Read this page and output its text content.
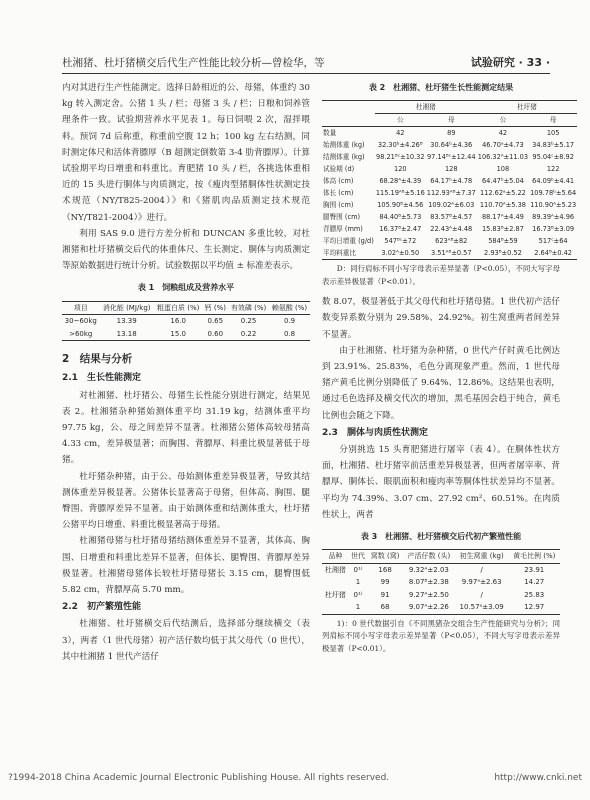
杜湘猪、杜圩猪横交后代生产性能比较分析—曾检华，等	试验研究 · 33 ·

内对其进行生产性能测定。选择日龄相近的公、母猪，体重约 30 kg 转入测定舍。公猪 1 头 / 栏；母猪 3 头 / 栏；日粮和饲养管理条件一致。试验期营养水平见表 1。每日饲喂 2 次，湿拌喂料。预饲 7d 后称重，称重前空腹 12 h；100 kg 左右结测，同时测定体尺和活体背膘厚（B 超测定倒数第 3-4 肋背膘厚）。计算试验期平均日增重和料重比。育肥猪 10 头 / 栏，各挑选体重相近的 15 头进行胴体与肉质测定，按《瘦肉型猪胴体性状测定技术规范（NY/T825-2004）》和《猪肌肉品质测定技术规范（NY/T821-2004）》进行。

利用 SAS 9.0 进行方差分析和 DUNCAN 多重比较，对杜湘猪和杜圩猪横交后代的体重体尺、生长测定、胴体与肉质测定等原始数据进行统计分析。试验数据以平均值 ± 标准差表示。

表 1　饲粮组成及营养水平
项目	消化能 (MJ/kg)	粗蛋白质 (%)	钙 (%)	有效磷 (%)	赖氨酸 (%)
30~60kg	13.39	16.0	0.65	0.25	0.9
>60kg	13.18	15.0	0.60	0.22	0.8
2　结果与分析
2.1　生长性能测定

对杜湘猪、杜圩猪公、母猪生长性能分别进行测定，结果见表 2。杜湘猪杂种猪始测体重平均 31.19 kg，结测体重平均 97.75 kg，公、母之间差异不显著。杜湘猪公猪体高较母猪高 4.33 cm，差异极显著；而胸围、背膘厚、料重比极显著低于母猪。

杜圩猪杂种猪，由于公、母始测体重差异极显著，导致其结测体重差异极显著。公猪体长显著高于母猪，但体高、胸围、腿臀围、背膘厚差异不显著。由于始测体重和结测体重大，杜圩猪公猪平均日增重、料重比极显著高于母猪。

杜湘猪母猪与杜圩猪母猪结测体重差异不显著，其体高、胸围、日增重和料重比差异不显著，但体长、腿臀围、背膘厚差异极显著。杜湘猪母猪体长较杜圩猪母猪长 3.15 cm，腿臀围低 5.82 cm，背膘厚高 5.70 mm。

2.2　初产繁殖性能

杜湘猪、杜圩猪横交后代结测后，选择部分继续横交（表 3），两者（1 世代母猪）初产活仔数均低于其父母代（0 世代），其中杜湘猪 1 世代产活仔

表 2　杜湘猪、杜圩猪生长性能测定结果
	杜湘猪		杜圩猪	
	公	母	公	母
数量	42	89	42	105
始测体重 (kg)	32.30ᵇ±4.26ᴮ	30.64ᵇ±4.36	46.70ᵃ±4.73	34.83ᵇ±5.17
结测体重 (kg)	98.21ᴮᶜ±10.32	97.14ᴮᶜ±12.44	106.32ᴬ±11.03	95.04ᶜ±8.92
试验期 (d)	120	128	108	122
体高 (cm)	68.28ᴬ±4.39	64.17ᵇ±4.78	64.47ᵇ±5.04	64.09ᵇ±4.41
体长 (cm)	115.19ᴬᴮ±5.16	112.93ᴬᴮ±7.37	112.62ᵃ±5.22	109.78ᵇ±5.64
胸围 (cm)	105.90ᴮ±4.56	109.02ᴬ±6.03	110.70ᴬ±5.38	110.90ᴬ±5.23
腿臀围 (cm)	84.40ᴮ±5.73	83.57ᴮ±4.57	88.17ᴬ±4.49	89.39ᴬ±4.96
背膘厚 (mm)	16.37ᴮ±2.47	22.43ᴬ±4.48	15.83ᴮ±2.87	16.73ᴮ±3.09
平均日增重 (g/d)	547ᴮᶜ±72	623ᴬᴮ±82	584ᴮ±59	517ᶜ±64
平均料重比	3.02ᴬ±0.50	3.51ᴬᴮ±0.57	2.93ᴮ±0.52	2.64ᴮ±0.42
D：同行肩标不同小写字母表示差异显著（P<0.05），不同大写字母表示差异极显著（P<0.01）。

数 8.07，极显著低于其父母代和杜圩猪母猪。1 世代初产活仔数变异系数分别为 29.58%、24.92%。初生窝重两者间差异不显著。

由于杜湘猪、杜圩猪为杂种猪，0 世代产仔时黄毛比例达到 23.91%、25.83%，毛色分离现象严重。然而，1 世代母猪产黄毛比例分别降低了 9.64%、12.86%。这结果也表明，通过毛色选择及横交代次的增加，黑毛基因会趋于纯合，黄毛比例也会随之下降。

2.3　胴体与肉质性状测定

分别挑选 15 头育肥猪进行屠宰（表 4）。在胴体性状方面，杜湘猪、杜圩猪宰前活重差异极显著，但两者屠宰率、背膘厚、胴体长、眼肌面积和瘦肉率等胴体性状差异均不显著。平均为 74.39%、3.07 cm、27.92 cm²、60.51%。在肉质性状上，两者

表 3　杜湘猪、杜圩猪横交后代初产繁殖性能
品种	世代	窝数 (窝)	产活仔数 (头)	初生窝重 (kg)	黄毛比例 (%)
杜湘猪	0¹⁾	168	9.32ᴬ±2.03	/	23.91
	1	99	8.07ᴮ±2.38	9.97ᵃ±2.63	14.27
杜圩猪	0¹⁾	91	9.27ᴬ±2.50	/	25.83
	1	68	9.07ᴬ±2.26	10.57ᵃ±3.09	12.97
1)：0 世代数据引自《不同黑猪杂交组合生产性能研究与分析》；同列肩标不同小写字母表示差异显著（P<0.05），不同大写字母表示差异极显著（P<0.01）。
?1994-2018 China Academic Journal Electronic Publishing House. All rights reserved.	http://www.cnki.net
